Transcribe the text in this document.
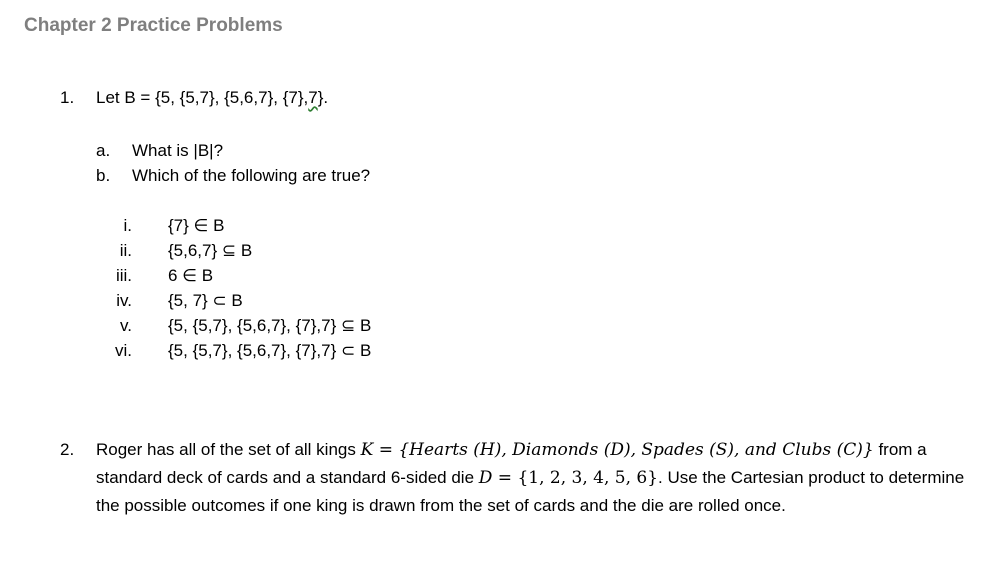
Chapter 2 Practice Problems
1.	Let B = {5, {5,7}, {5,6,7}, {7},7}.
a.	What is |B|?
b.	Which of the following are true?
i. {7} ∈ B
ii. {5,6,7} ⊆ B
iii. 6 ∈ B
iv. {5, 7} ⊂ B
v. {5, {5,7}, {5,6,7}, {7},7} ⊆ B
vi. {5, {5,7}, {5,6,7}, {7},7} ⊂ B
2. Roger has all of the set of all kings K = {Hearts (H), Diamonds (D), Spades (S), and Clubs (C)} from a standard deck of cards and a standard 6-sided die D = {1, 2, 3, 4, 5, 6}. Use the Cartesian product to determine the possible outcomes if one king is drawn from the set of cards and the die are rolled once.
